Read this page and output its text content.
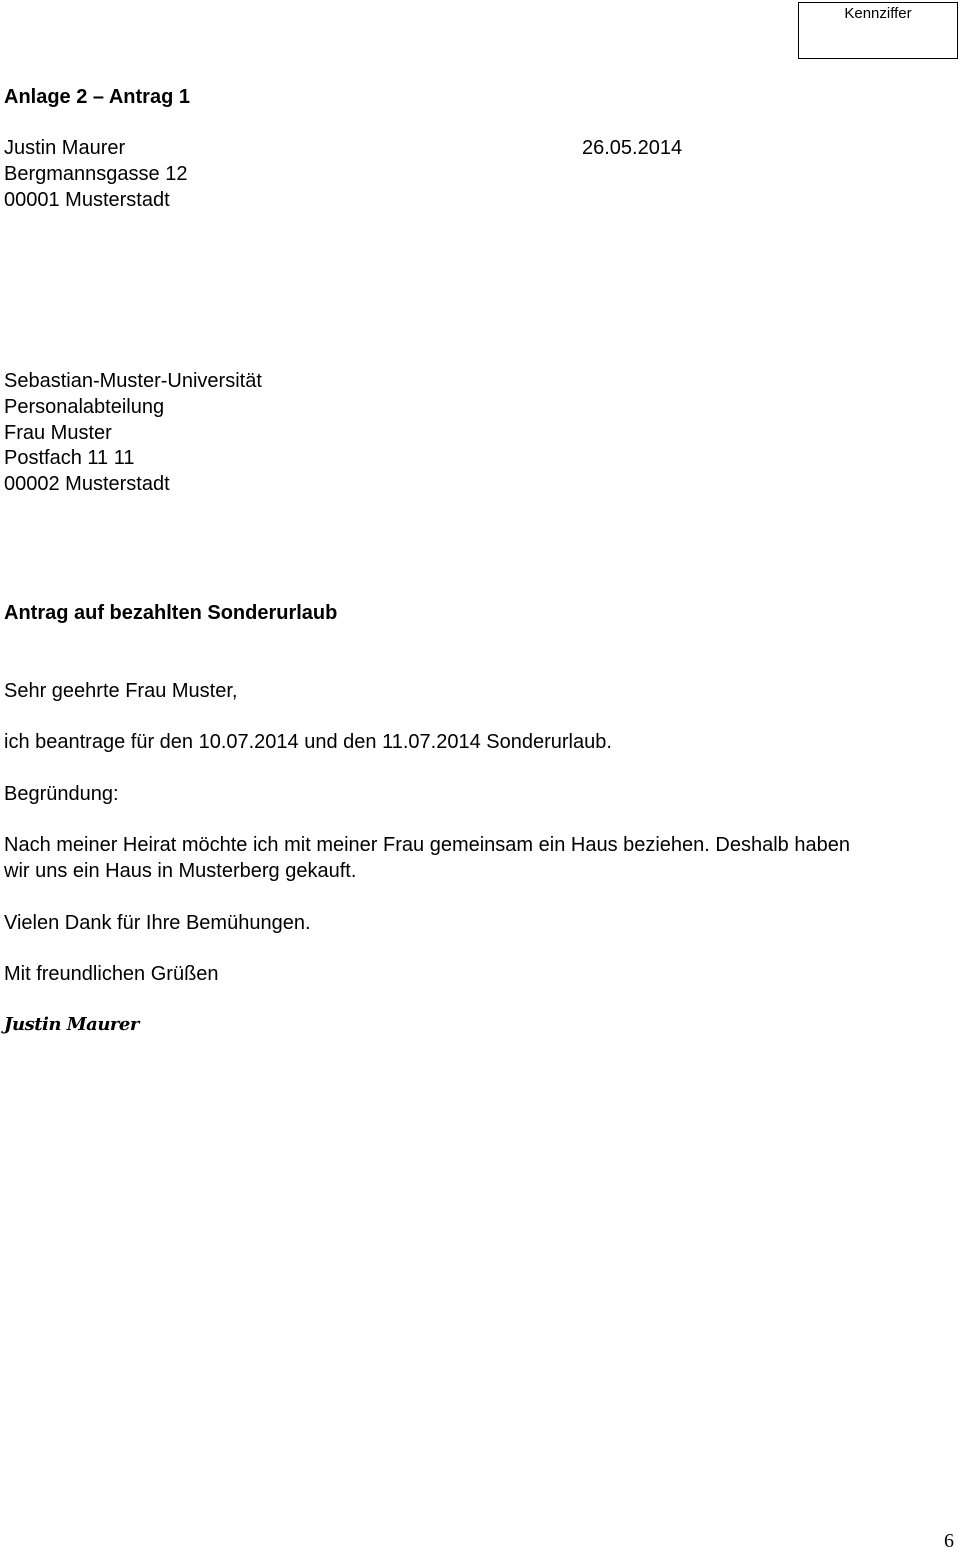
Kennziffer
Anlage 2 – Antrag 1
Justin Maurer	26.05.2014
Bergmannsgasse 12
00001 Musterstadt
Sebastian-Muster-Universität
Personalabteilung
Frau Muster
Postfach 11 11
00002 Musterstadt
Antrag auf bezahlten Sonderurlaub
Sehr geehrte Frau Muster,
ich beantrage für den 10.07.2014 und den 11.07.2014 Sonderurlaub.
Begründung:
Nach meiner Heirat möchte ich mit meiner Frau gemeinsam ein Haus beziehen. Deshalb haben
wir uns ein Haus in Musterberg gekauft.
Vielen Dank für Ihre Bemühungen.
Mit freundlichen Grüßen
Justin Maurer
6
